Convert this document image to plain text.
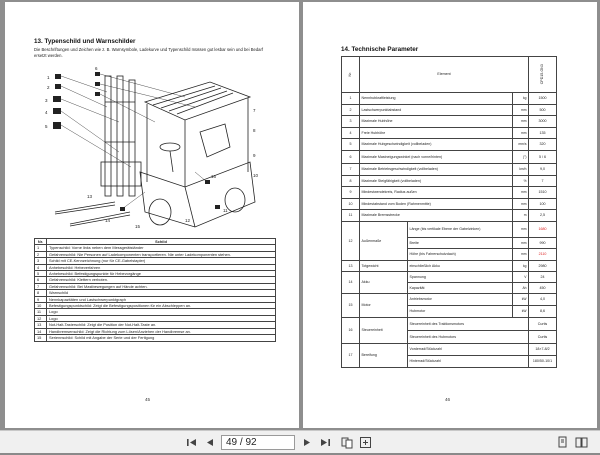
13. Typenschild und Warnschilder
Die Beschriftungen und Zeichen wie z. B. Warnsymbole, Ladekurve und Typenschild müssen gut lesbar sein und bei Bedarf ersetzt werden.
1
2
3
4
5
6
7
8
9
10
11
12
13
14
15
16
Nr.	Schild
1	Typenschild: Vorne links neben dem Messgerätständer
2	Gefahrenschild: Nie Personen auf Ladekomponenten transportieren. Nie unter Ladekomponenten stehen.
3	Schild mit CE-Kennzeichnung (nur für CE-Gabelstapler)
4	Anhebeschild: Hebeverfahren
5	Anhebeschild: Befestigungspunkte für Hebevorgänge
6	Gefahrenschild: Klettern verboten.
7	Gefahrenschild: Bei Mastbewegungen auf Hände achten.
8	Warnschild
9	Nennkapazitäten und Lastschwerpunktgraph
10	Befestigungspunktschild: Zeigt die Befestigungspositionen für ein Abschleppen an.
11	Logo
12	Logo
13	Not-Halt-Tasterschild: Zeigt die Position der Not-Halt-Taste an.
14	Handbremsenschild: Zeigt die Richtung zum Lösen/Anziehen der Handbremse an.
15	Seriennschild: Schild mit Angabe der Serie und der Fertigung
45
14. Technische Parameter
Nr.	Element			CPD15-GN3
1	Nennhubkraftleistung		kg	1500
2	Lastschwerpunktabstand		mm	500
3	Maximale Hubhöhe		mm	3000
4	Freie Hubhöhe		mm	135
5	Maximale Hubgeschwindigkeit (vollbeladen)		mm/s	320
6	Maximale Mastneigungswinkel (nach vorne/hinten)		(°)	5 / 6
7	Maximale Betriebsgeschwindigkeit (vollbeladen)		km/h	9,0
8	Maximale Steigfähigkeit (vollbeladen)		%	7
9	Mindestwendekreis, Radius außen		mm	1510
10	Mindestabstand vom Boden (Rahmenmitte)		mm	100
11	Maximale Bremsstrecke		m	2,5
12	Außenmaße	Länge (bis vertikale Ebene der Gabelzinken)	mm	1680
		Breite	mm	990
		Höhe (bis Fahrerschutzdach)	mm	2110
13	Totgewicht	einschließlich Akku	kg	2980
14	Akku	Spannung	V	24
		Kapazität	Ah	450
15	Motor	Antriebsmotor	kW	4,0
		Hubmotor	kW	8,6
16	Steuereinheit	Steuereinheit des Traktionsmotors		Curtis
		Steuereinheit des Hubmotors		Curtis
17	Bereifung	Vorderrad/Stückzahl		18×7-8/2
		Hinterrad/Stückzahl		180/50-10/1
46
49 / 92
